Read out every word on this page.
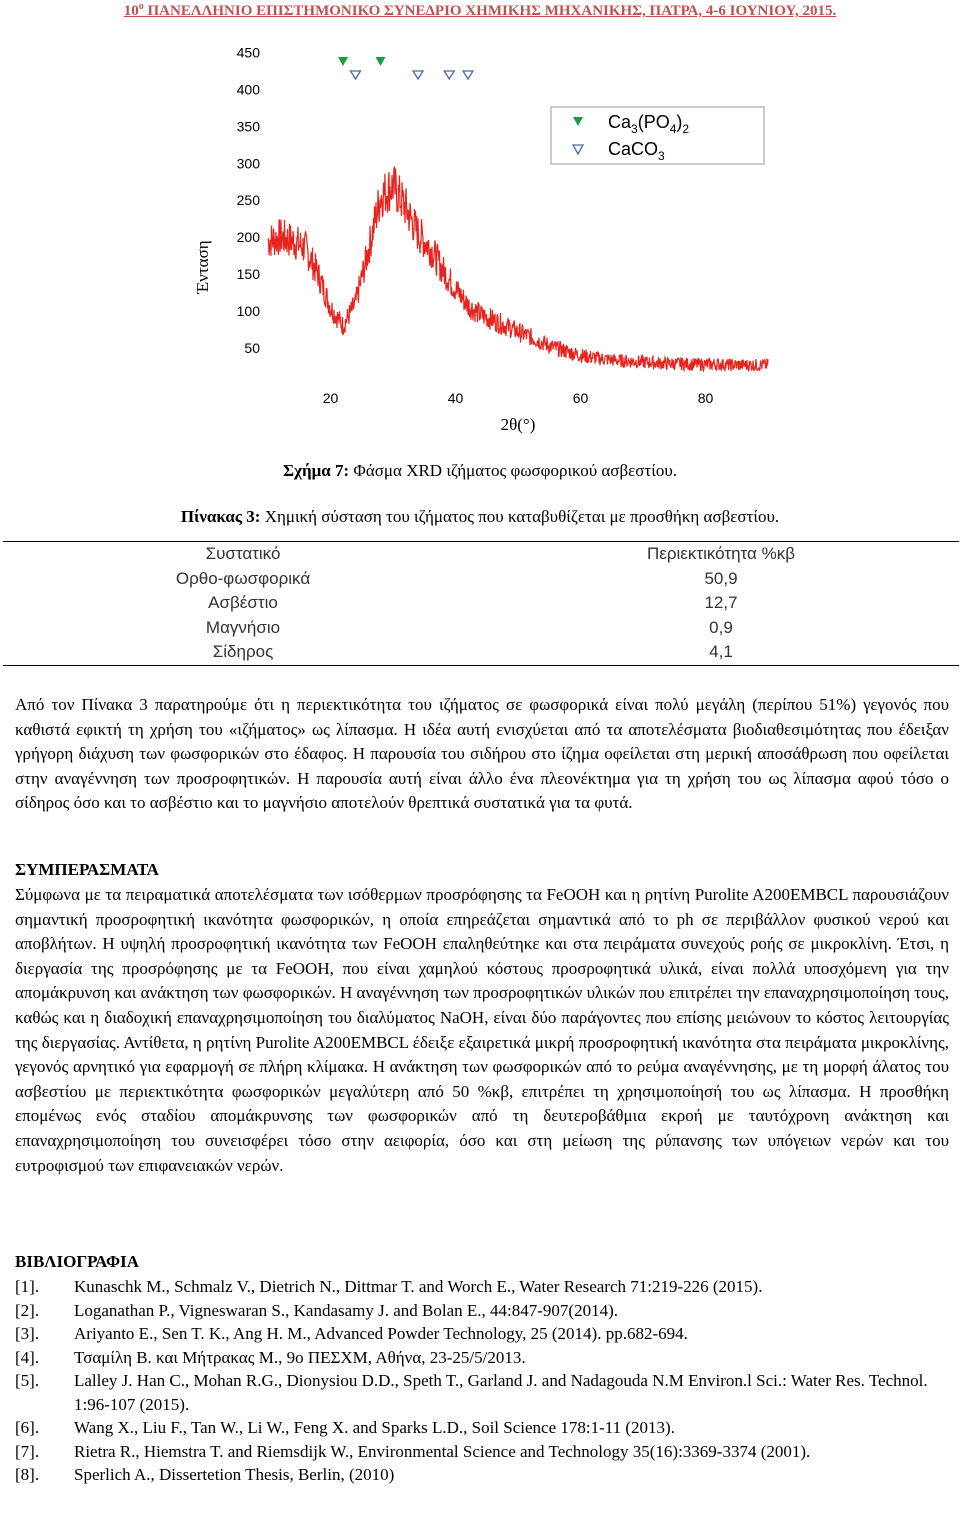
$10^o$ ΠΑΝΕΛΛΗΝΙΟ ΕΠΙΣΤΗΜΟΝΙΚΟ ΣΥΝΕΔΡΙΟ ΧΗΜΙΚΗΣ ΜΗΧΑΝΙΚΗΣ, ΠΑΤΡΑ, 4-6 ΙΟΥΝΙΟΥ, 2015.
50
100
150
200
250
300
350
400
450
20	40	60	80
Ένταση
2θ(°)
$Ca_3(PO_4)_2$
CaCO$_3$
Σχήμα 7: Φάσμα XRD ιζήματος φωσφορικού ασβεστίου.
Πίνακας 3: Χημική σύσταση του ιζήματος που καταβυθίζεται με προσθήκη ασβεστίου.
Συστατικό	Περιεκτικότητα %κβ
Ορθο-φωσφορικά	50,9
Ασβέστιο	12,7
Μαγνήσιο	0,9
Σίδηρος	4,1

Από τον Πίνακα 3 παρατηρούμε ότι η περιεκτικότητα του ιζήματος σε φωσφορικά είναι πολύ μεγάλη (περίπου 51%) γεγονός που καθιστά εφικτή τη χρήση του «ιζήματος» ως λίπασμα. Η ιδέα αυτή ενισχύεται από τα αποτελέσματα βιοδιαθεσιμότητας που έδειξαν γρήγορη διάχυση των φωσφορικών στο έδαφος. Η παρουσία του σιδήρου στο ίζημα οφείλεται στη μερική αποσάθρωση που οφείλεται στην αναγέννηση των προσροφητικών. Η παρουσία αυτή είναι άλλο ένα πλεονέκτημα για τη χρήση του ως λίπασμα αφού τόσο ο σίδηρος όσο και το ασβέστιο και το μαγνήσιο αποτελούν θρεπτικά συστατικά για τα φυτά.

ΣΥΜΠΕΡΑΣΜΑΤΑ

Σύμφωνα με τα πειραματικά αποτελέσματα των ισόθερμων προσρόφησης τα FeOOH και η ρητίνη Purolite A200EMBCL παρουσιάζουν σημαντική προσροφητική ικανότητα φωσφορικών, η οποία επηρεάζεται σημαντικά από το ph σε περιβάλλον φυσικού νερού και αποβλήτων. Η υψηλή προσροφητική ικανότητα των FeOOH επαληθεύτηκε και στα πειράματα συνεχούς ροής σε μικροκλίνη. Έτσι, η διεργασία της προσρόφησης με τα FeOOH, που είναι χαμηλού κόστους προσροφητικά υλικά, είναι πολλά υποσχόμενη για την απομάκρυνση και ανάκτηση των φωσφορικών. Η αναγέννηση των προσροφητικών υλικών που επιτρέπει την επαναχρησιμοποίηση τους, καθώς και η διαδοχική επαναχρησιμοποίηση του διαλύματος NaOH, είναι δύο παράγοντες που επίσης μειώνουν το κόστος λειτουργίας της διεργασίας. Αντίθετα, η ρητίνη Purolite A200EMBCL έδειξε εξαιρετικά μικρή προσροφητική ικανότητα στα πειράματα μικροκλίνης, γεγονός αρνητικό για εφαρμογή σε πλήρη κλίμακα. Η ανάκτηση των φωσφορικών από το ρεύμα αναγέννησης, με τη μορφή άλατος του ασβεστίου με περιεκτικότητα φωσφορικών μεγαλύτερη από 50 %κβ, επιτρέπει τη χρησιμοποίησή του ως λίπασμα. Η προσθήκη επομένως ενός σταδίου απομάκρυνσης των φωσφορικών από τη δευτεροβάθμια εκροή με ταυτόχρονη ανάκτηση και επαναχρησιμοποίηση του συνεισφέρει τόσο στην αειφορία, όσο και στη μείωση της ρύπανσης των υπόγειων νερών και του ευτροφισμού των επιφανειακών νερών.

ΒΙΒΛΙΟΓΡΑΦΙΑ

[1].	Kunaschk M., Schmalz V., Dietrich N., Dittmar T. and Worch E., Water Research 71:219-226 (2015).
[2].	Loganathan P., Vigneswaran S., Kandasamy J. and Bolan E., 44:847-907(2014).
[3].	Ariyanto E., Sen T. K., Ang H. M., Advanced Powder Technology, 25 (2014). pp.682-694.
[4].	Τσαμίλη Β. και Μήτρακας Μ., 9ο ΠΕΣΧΜ, Αθήνα, 23-25/5/2013.
[5].	Lalley J. Han C., Mohan R.G., Dionysiou D.D., Speth T., Garland J. and Nadagouda N.M Environ.l Sci.: Water Res. Technol. 1:96-107 (2015).
[6].	Wang X., Liu F., Tan W., Li W., Feng X. and Sparks L.D., Soil Science 178:1-11 (2013).
[7].	Rietra R., Hiemstra T. and Riemsdijk W., Environmental Science and Technology 35(16):3369-3374 (2001).
[8].	Sperlich A., Dissertetion Thesis, Berlin, (2010)
